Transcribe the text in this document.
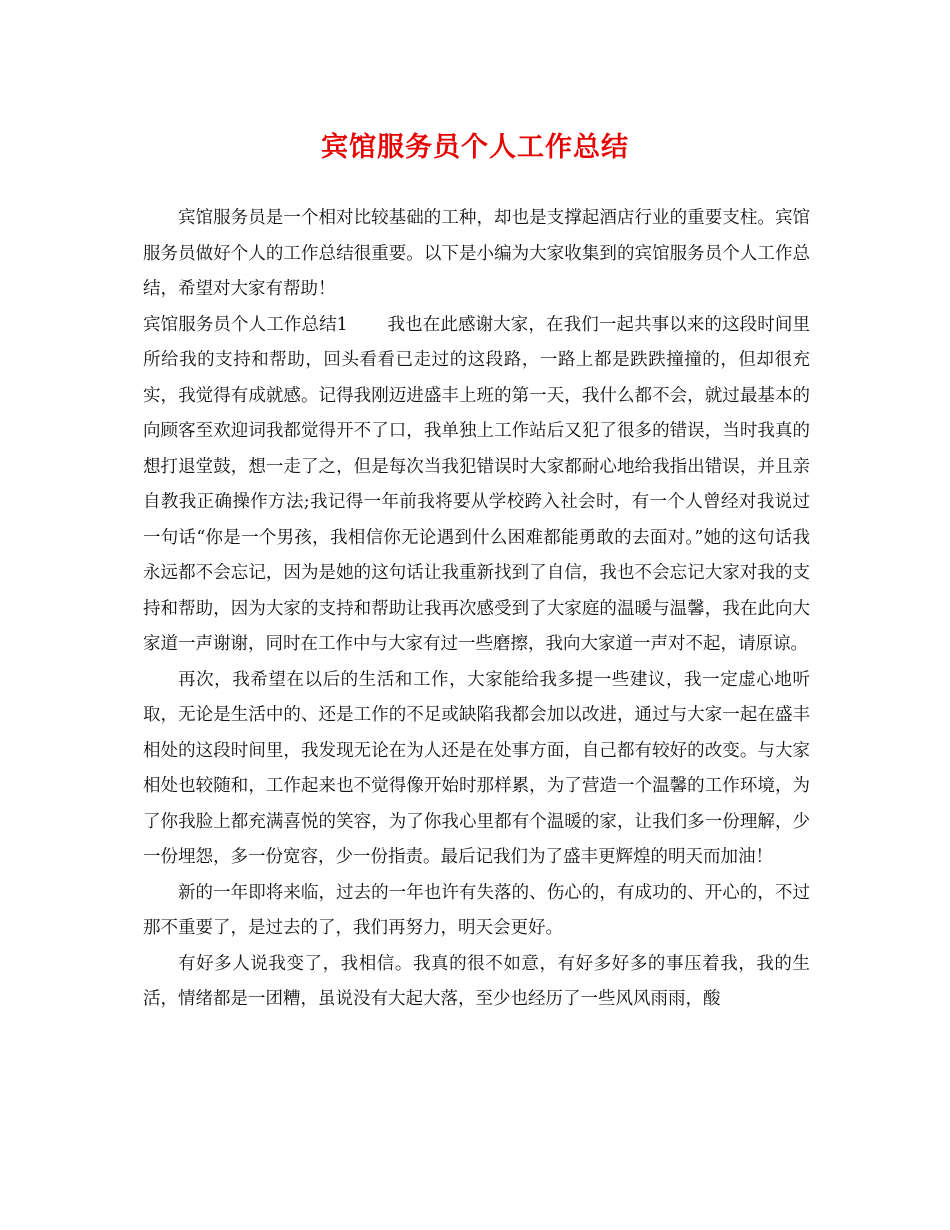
宾馆服务员个人工作总结

宾馆服务员是一个相对比较基础的工种，却也是支撑起酒店行业的重要支柱。宾馆服务员做好个人的工作总结很重要。以下是小编为大家收集到的宾馆服务员个人工作总结，希望对大家有帮助！

宾馆服务员个人工作总结1 我也在此感谢大家，在我们一起共事以来的这段时间里所给我的支持和帮助，回头看看已走过的这段路，一路上都是跌跌撞撞的，但却很充实，我觉得有成就感。记得我刚迈进盛丰上班的第一天，我什么都不会，就过最基本的向顾客至欢迎词我都觉得开不了口，我单独上工作站后又犯了很多的错误，当时我真的想打退堂鼓，想一走了之，但是每次当我犯错误时大家都耐心地给我指出错误，并且亲自教我正确操作方法;我记得一年前我将要从学校跨入社会时，有一个人曾经对我说过一句话“你是一个男孩，我相信你无论遇到什么困难都能勇敢的去面对。”她的这句话我永远都不会忘记，因为是她的这句话让我重新找到了自信，我也不会忘记大家对我的支持和帮助，因为大家的支持和帮助让我再次感受到了大家庭的温暖与温馨，我在此向大家道一声谢谢，同时在工作中与大家有过一些磨擦，我向大家道一声对不起，请原谅。

再次，我希望在以后的生活和工作，大家能给我多提一些建议，我一定虚心地听取，无论是生活中的、还是工作的不足或缺陷我都会加以改进，通过与大家一起在盛丰相处的这段时间里，我发现无论在为人还是在处事方面，自己都有较好的改变。与大家相处也较随和，工作起来也不觉得像开始时那样累，为了营造一个温馨的工作环境，为了你我脸上都充满喜悦的笑容，为了你我心里都有个温暖的家，让我们多一份理解，少一份埋怨，多一份宽容，少一份指责。最后记我们为了盛丰更辉煌的明天而加油！

新的一年即将来临，过去的一年也许有失落的、伤心的，有成功的、开心的，不过那不重要了，是过去的了，我们再努力，明天会更好。

有好多人说我变了，我相信。我真的很不如意，有好多好多的事压着我，我的生活，情绪都是一团糟，虽说没有大起大落，至少也经历了一些风风雨雨，酸
